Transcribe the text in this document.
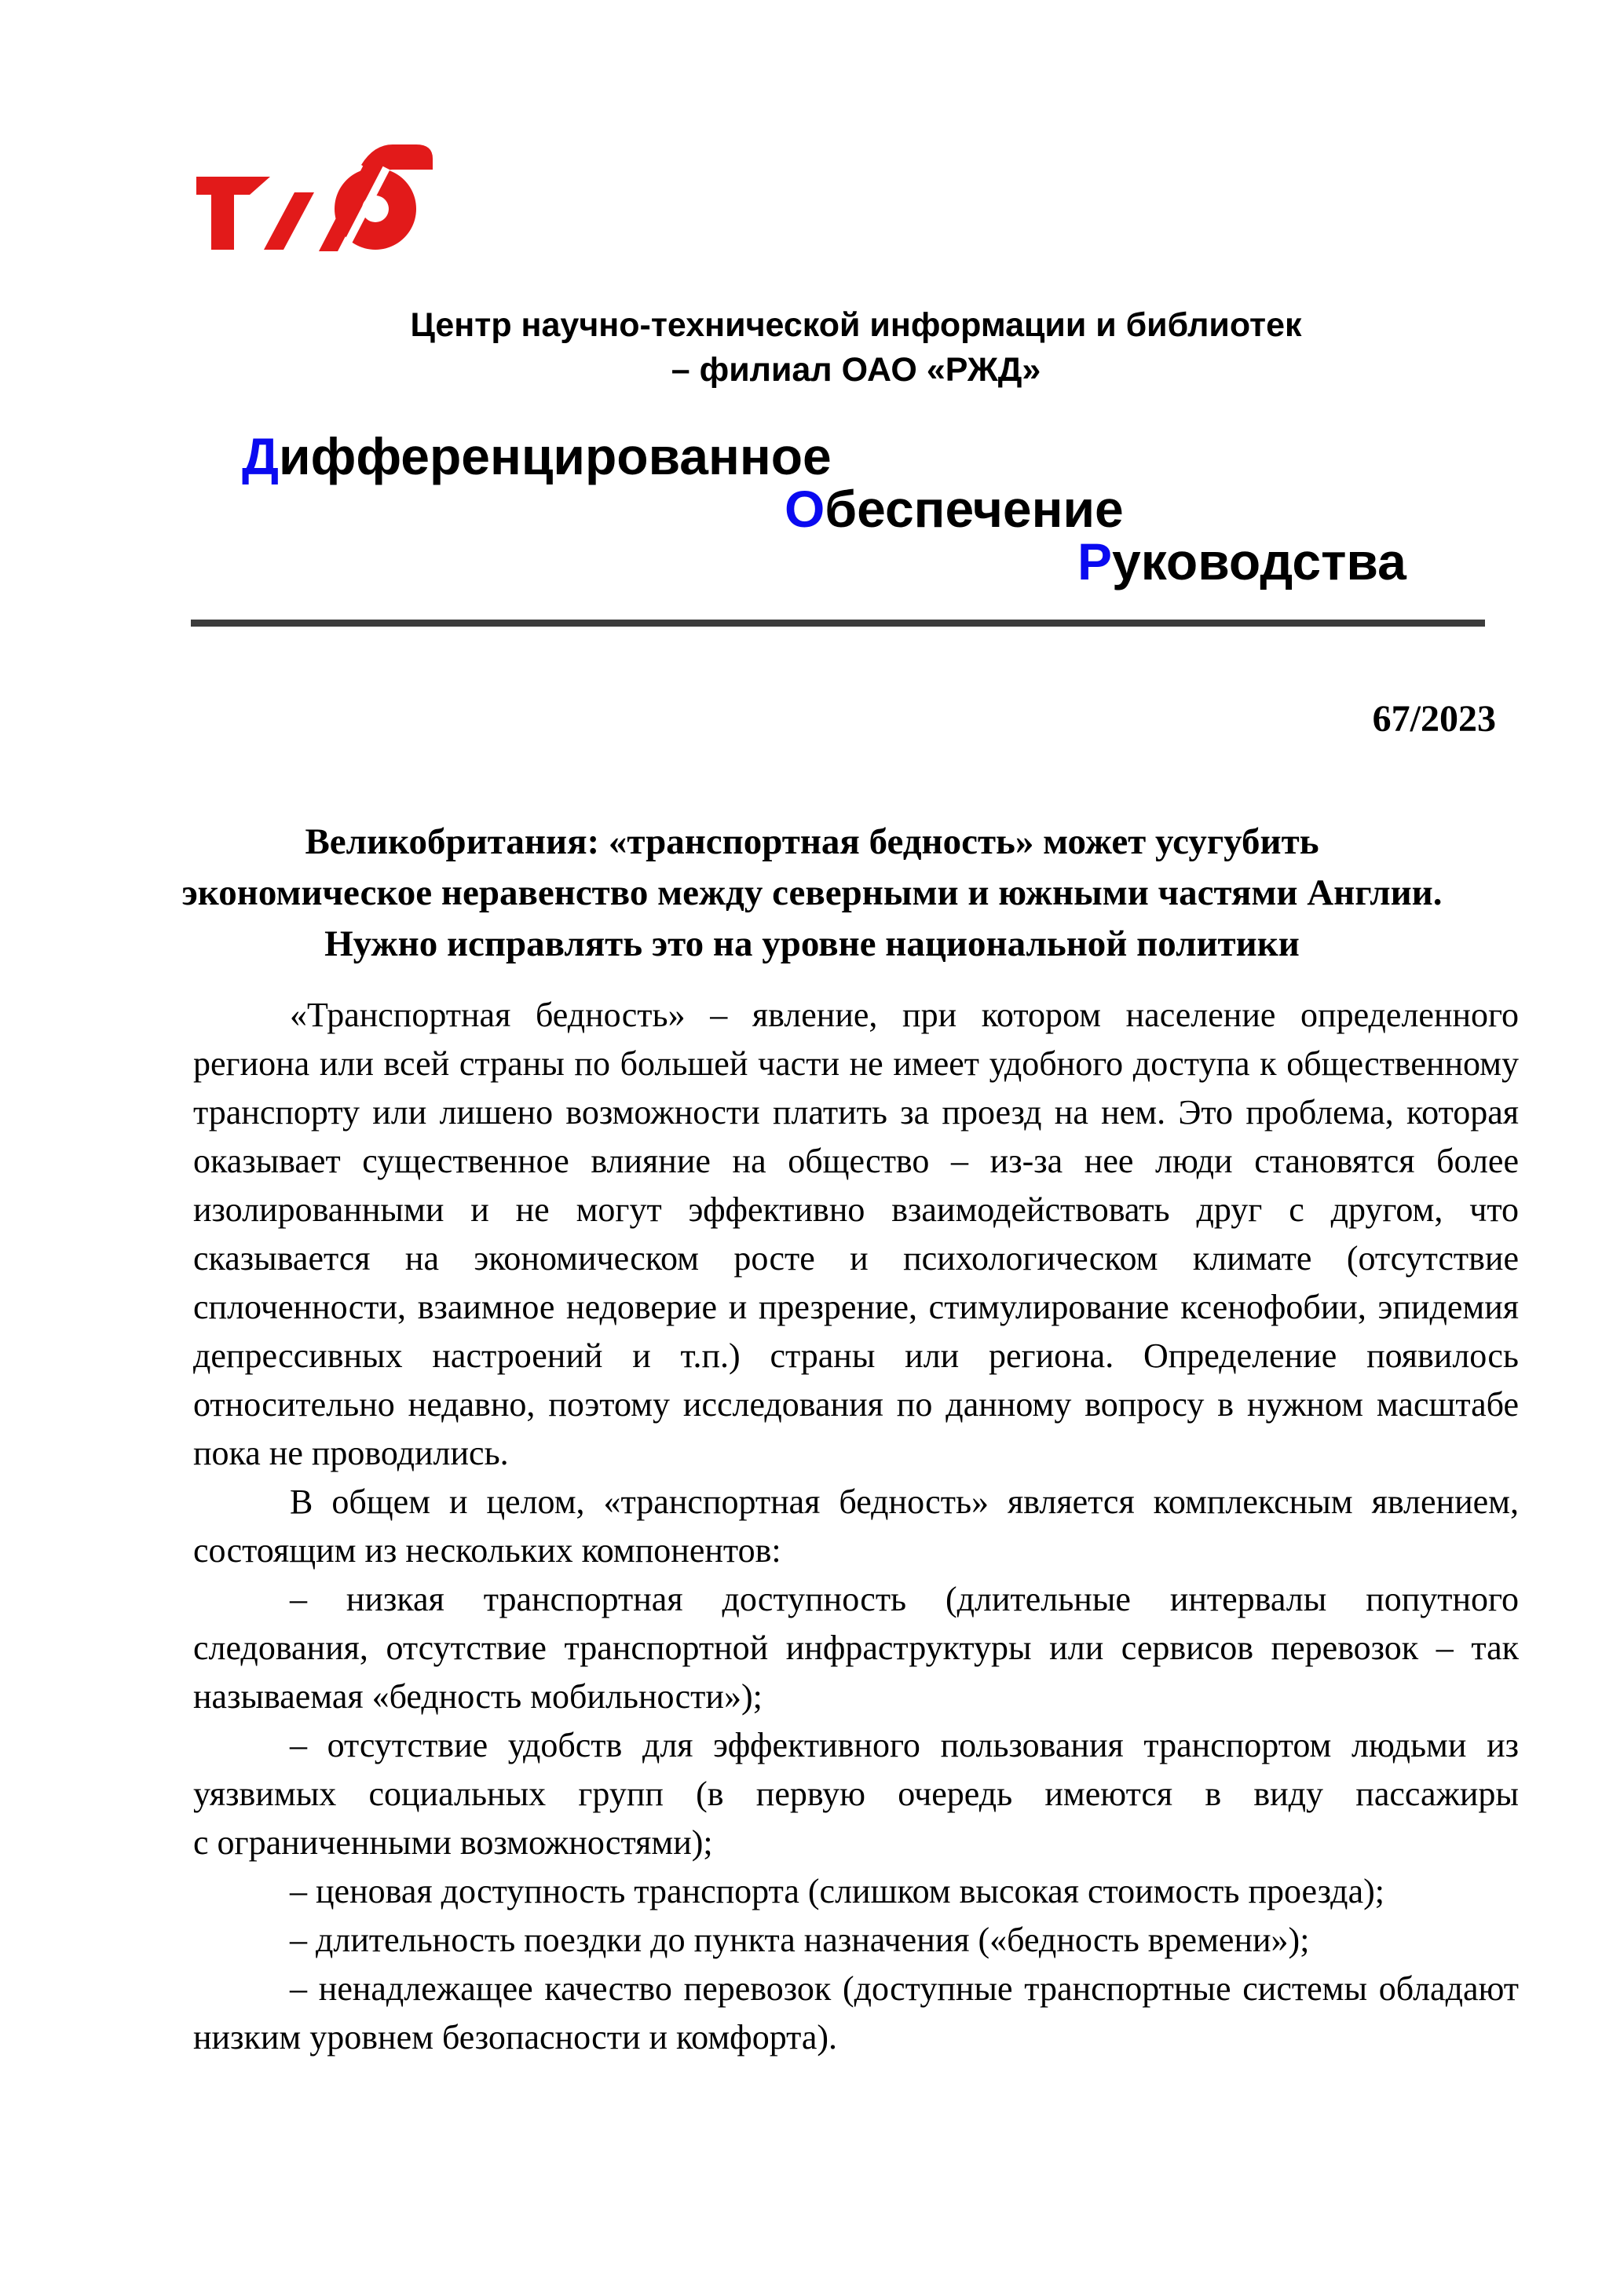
Центр научно-технической информации и библиотек
– филиал ОАО «РЖД»
Дифференцированное
Обеспечение
Руководства
67/2023
Великобритания: «транспортная бедность» может усугубить
экономическое неравенство между северными и южными частями Англии.
Нужно исправлять это на уровне национальной политики

«Транспортная бедность» – явление, при котором население определенного региона или всей страны по большей части не имеет удобного доступа к общественному транспорту или лишено возможности платить за проезд на нем. Это проблема, которая оказывает существенное влияние на общество – из-за нее люди становятся более изолированными и не могут эффективно взаимодействовать друг с другом, что сказывается на экономическом росте и психологическом климате (отсутствие сплоченности, взаимное недоверие и презрение, стимулирование ксенофобии, эпидемия депрессивных настроений и т.п.) страны или региона. Определение появилось относительно недавно, поэтому исследования по данному вопросу в нужном масштабе пока не проводились.

В общем и целом, «транспортная бедность» является комплексным явлением, состоящим из нескольких компонентов:

– низкая транспортная доступность (длительные интервалы попутного следования, отсутствие транспортной инфраструктуры или сервисов перевозок – так называемая «бедность мобильности»);

– отсутствие удобств для эффективного пользования транспортом людьми из уязвимых социальных групп (в первую очередь имеются в виду пассажиры с ограниченными возможностями);

– ценовая доступность транспорта (слишком высокая стоимость проезда);

– длительность поездки до пункта назначения («бедность времени»);

– ненадлежащее качество перевозок (доступные транспортные системы обладают низким уровнем безопасности и комфорта).
